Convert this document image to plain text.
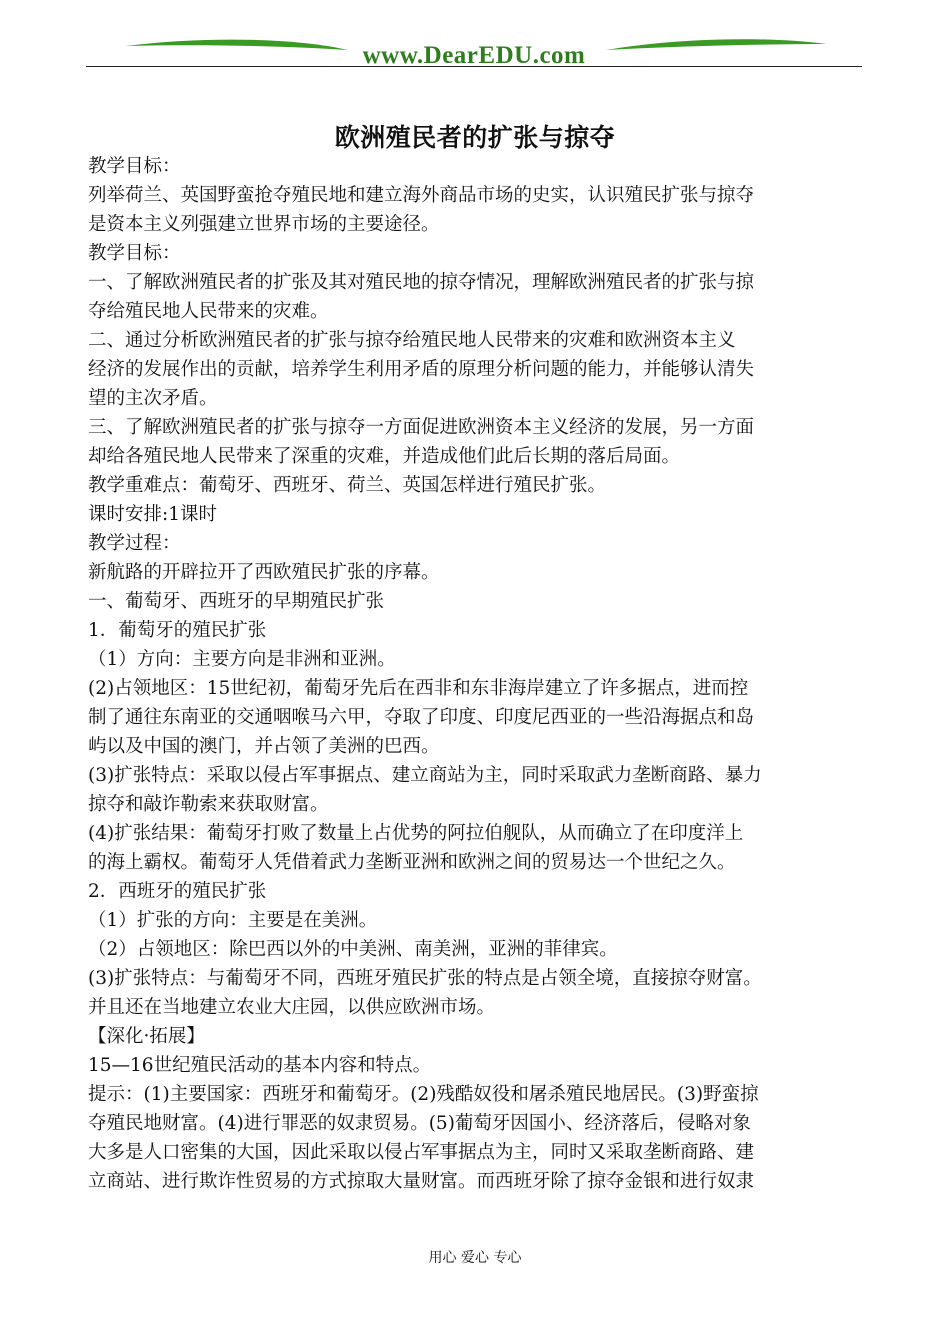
www.DearEDU.com
欧洲殖民者的扩张与掠夺
教学目标：
列举荷兰、英国野蛮抢夺殖民地和建立海外商品市场的史实，认识殖民扩张与掠夺
是资本主义列强建立世界市场的主要途径。
教学目标：
一、了解欧洲殖民者的扩张及其对殖民地的掠夺情况，理解欧洲殖民者的扩张与掠
夺给殖民地人民带来的灾难。
二、通过分析欧洲殖民者的扩张与掠夺给殖民地人民带来的灾难和欧洲资本主义
经济的发展作出的贡献，培养学生利用矛盾的原理分析问题的能力，并能够认清失
望的主次矛盾。
三、了解欧洲殖民者的扩张与掠夺一方面促进欧洲资本主义经济的发展，另一方面
却给各殖民地人民带来了深重的灾难，并造成他们此后长期的落后局面。
教学重难点：葡萄牙、西班牙、荷兰、英国怎样进行殖民扩张。
课时安排:1课时
教学过程：
新航路的开辟拉开了西欧殖民扩张的序幕。
一、葡萄牙、西班牙的早期殖民扩张
1．葡萄牙的殖民扩张
（1）方向：主要方向是非洲和亚洲。
(2)占领地区：15世纪初，葡萄牙先后在西非和东非海岸建立了许多据点，进而控
制了通往东南亚的交通咽喉马六甲，夺取了印度、印度尼西亚的一些沿海据点和岛
屿以及中国的澳门，并占领了美洲的巴西。
(3)扩张特点：采取以侵占军事据点、建立商站为主，同时采取武力垄断商路、暴力
掠夺和敲诈勒索来获取财富。
(4)扩张结果：葡萄牙打败了数量上占优势的阿拉伯舰队，从而确立了在印度洋上
的海上霸权。葡萄牙人凭借着武力垄断亚洲和欧洲之间的贸易达一个世纪之久。
2．西班牙的殖民扩张
（1）扩张的方向：主要是在美洲。
（2）占领地区：除巴西以外的中美洲、南美洲，亚洲的菲律宾。
(3)扩张特点：与葡萄牙不同，西班牙殖民扩张的特点是占领全境，直接掠夺财富。
并且还在当地建立农业大庄园，以供应欧洲市场。
【深化·拓展】
15—16世纪殖民活动的基本内容和特点。
提示：(1)主要国家：西班牙和葡萄牙。(2)残酷奴役和屠杀殖民地居民。(3)野蛮掠
夺殖民地财富。(4)进行罪恶的奴隶贸易。(5)葡萄牙因国小、经济落后，侵略对象
大多是人口密集的大国，因此采取以侵占军事据点为主，同时又采取垄断商路、建
立商站、进行欺诈性贸易的方式掠取大量财富。而西班牙除了掠夺金银和进行奴隶
用心 爱心 专心
